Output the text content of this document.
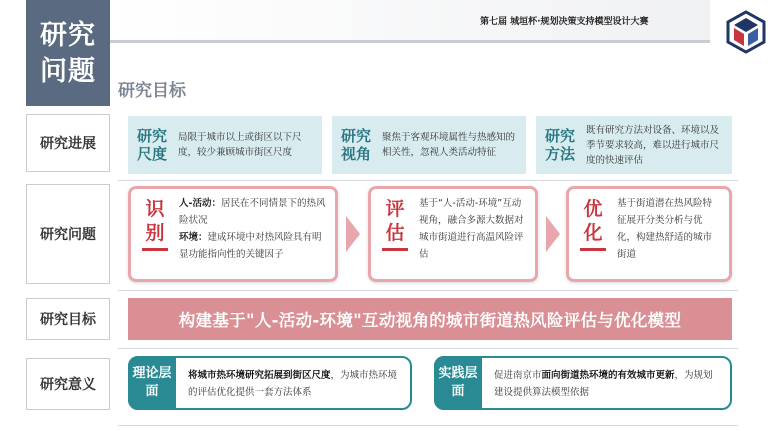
研究
问题
第七届 城垣杯·规划决策支持模型设计大赛
研究目标
研究进展
研究问题
研究目标
研究意义
研究尺度
局限于城市以上或街区以下尺度，较少兼顾城市街区尺度
研究视角
聚焦于客观环境属性与热感知的相关性，忽视人类活动特征
研究方法
既有研究方法对设备、环境以及季节要求较高，难以进行城市尺度的快速评估
识别
人-活动：居民在不同情景下的热风险状况
环境：建成环境中对热风险具有明显功能指向性的关键因子
评估
基于“人-活动-环境”互动视角，融合多源大数据对城市街道进行高温风险评估
优化
基于街道潜在热风险特征展开分类分析与优化，构建热舒适的城市街道
构建基于"人-活动-环境"互动视角的城市街道热风险评估与优化模型
理论层面
将城市热环境研究拓展到街区尺度，为城市热环境的评估优化提供一套方法体系
实践层面
促进南京市面向街道热环境的有效城市更新，为规划建设提供算法模型依据
